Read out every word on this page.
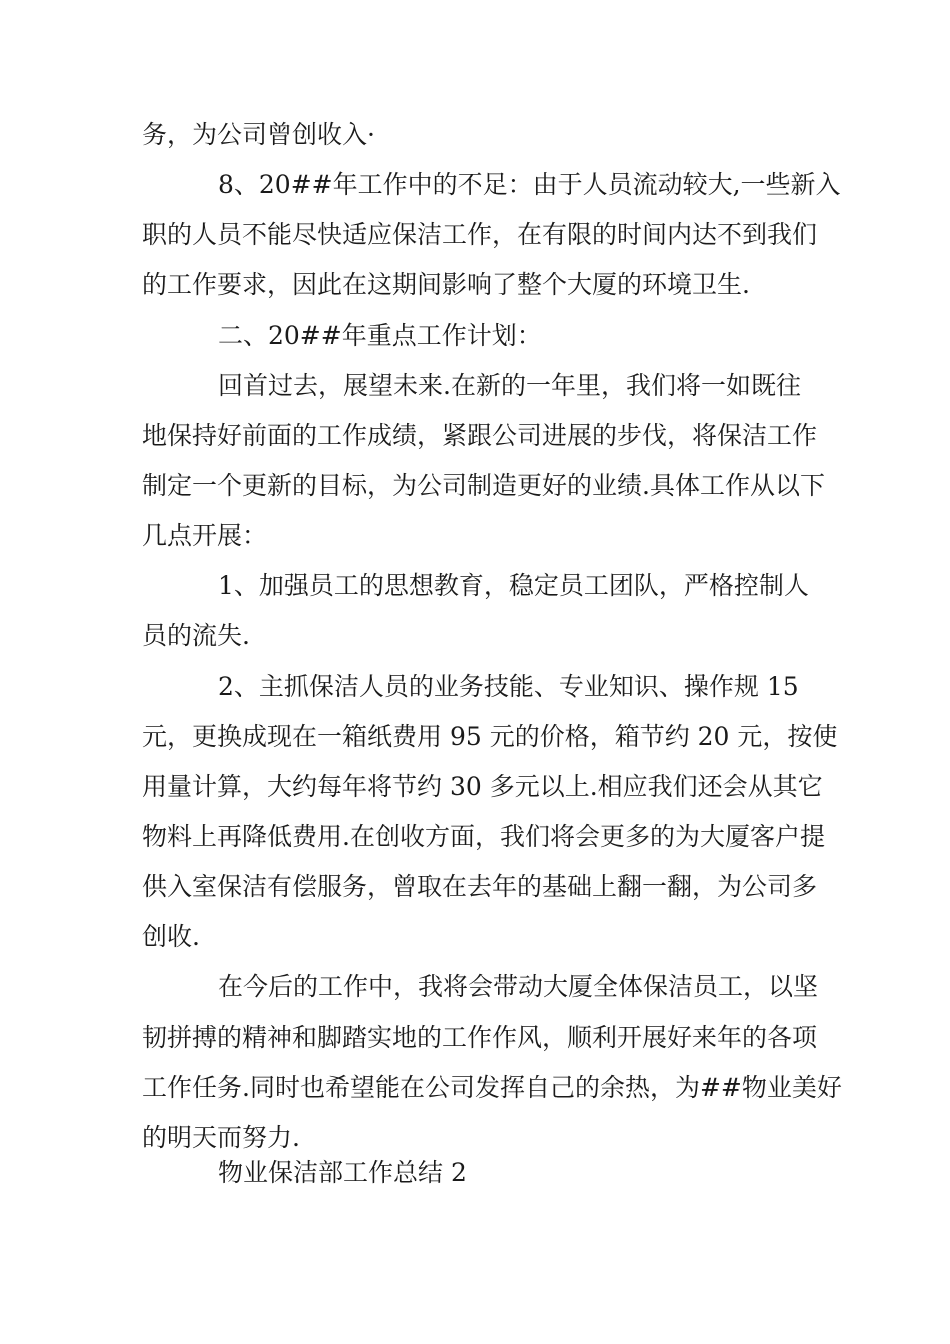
务，为公司曾创收入·
8、20##年工作中的不足：由于人员流动较大,一些新入
职的人员不能尽快适应保洁工作，在有限的时间内达不到我们
的工作要求，因此在这期间影响了整个大厦的环境卫生.
二、20##年重点工作计划：
回首过去，展望未来.在新的一年里，我们将一如既往
地保持好前面的工作成绩，紧跟公司进展的步伐，将保洁工作
制定一个更新的目标，为公司制造更好的业绩.具体工作从以下
几点开展：
1、加强员工的思想教育，稳定员工团队，严格控制人
员的流失.
2、主抓保洁人员的业务技能、专业知识、操作规 15
元，更换成现在一箱纸费用 95 元的价格，箱节约 20 元，按使
用量计算，大约每年将节约 30 多元以上.相应我们还会从其它
物料上再降低费用.在创收方面，我们将会更多的为大厦客户提
供入室保洁有偿服务，曾取在去年的基础上翻一翻，为公司多
创收.
在今后的工作中，我将会带动大厦全体保洁员工，以坚
韧拼搏的精神和脚踏实地的工作作风，顺利开展好来年的各项
工作任务.同时也希望能在公司发挥自己的余热，为##物业美好
的明天而努力.
物业保洁部工作总结 2
